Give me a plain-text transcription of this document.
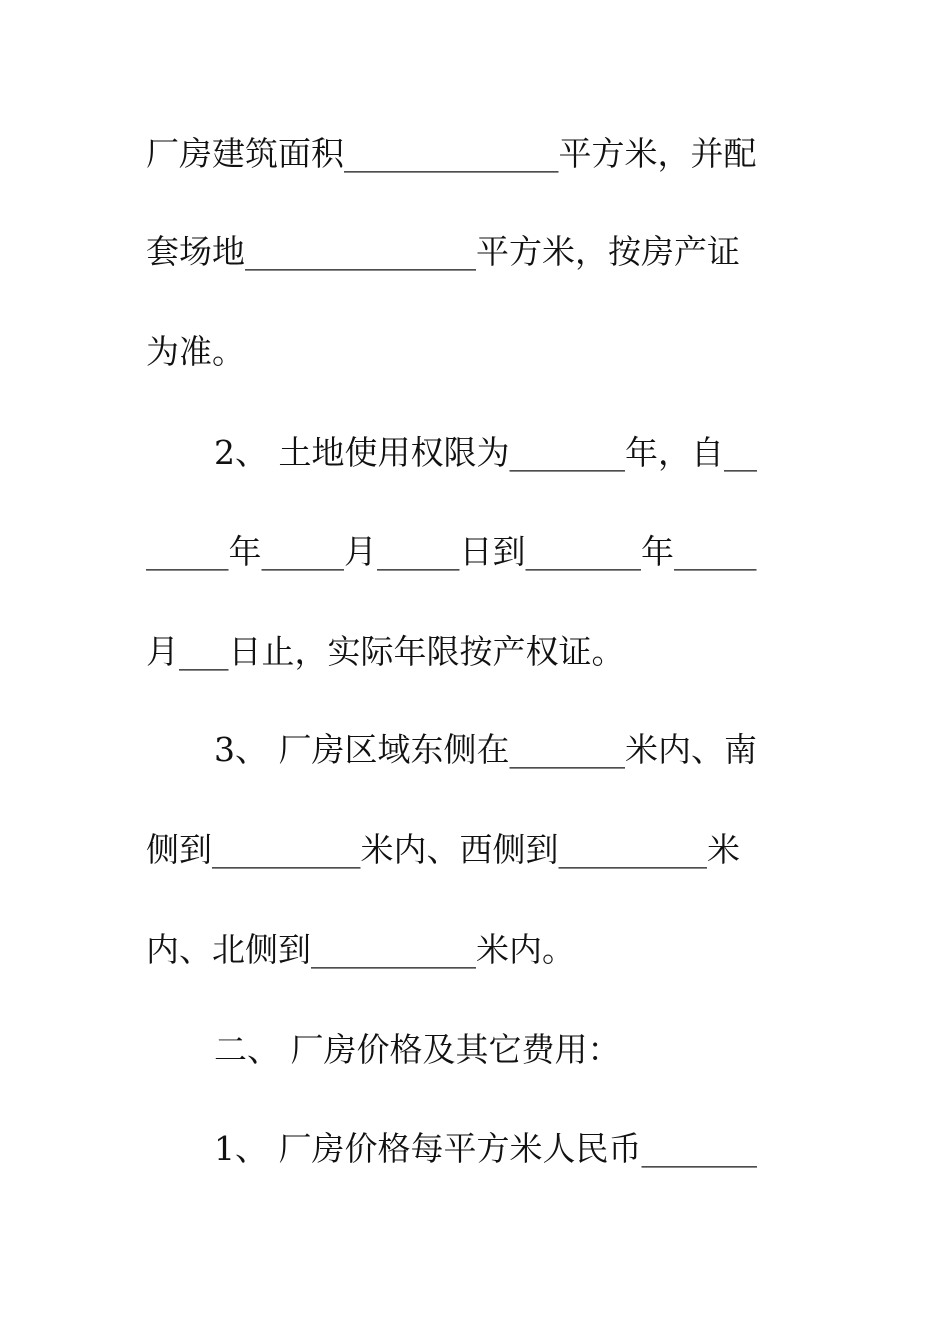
厂房建筑面积_____________平方米，并配
套场地______________平方米，按房产证
为准。
2、 土地使用权限为_______年，自__
_____年_____月_____日到_______年_____
月___日止，实际年限按产权证。
3、 厂房区域东侧在_______米内、南
侧到_________米内、西侧到_________米
内、北侧到__________米内。
二、 厂房价格及其它费用：
1、 厂房价格每平方米人民币_______
